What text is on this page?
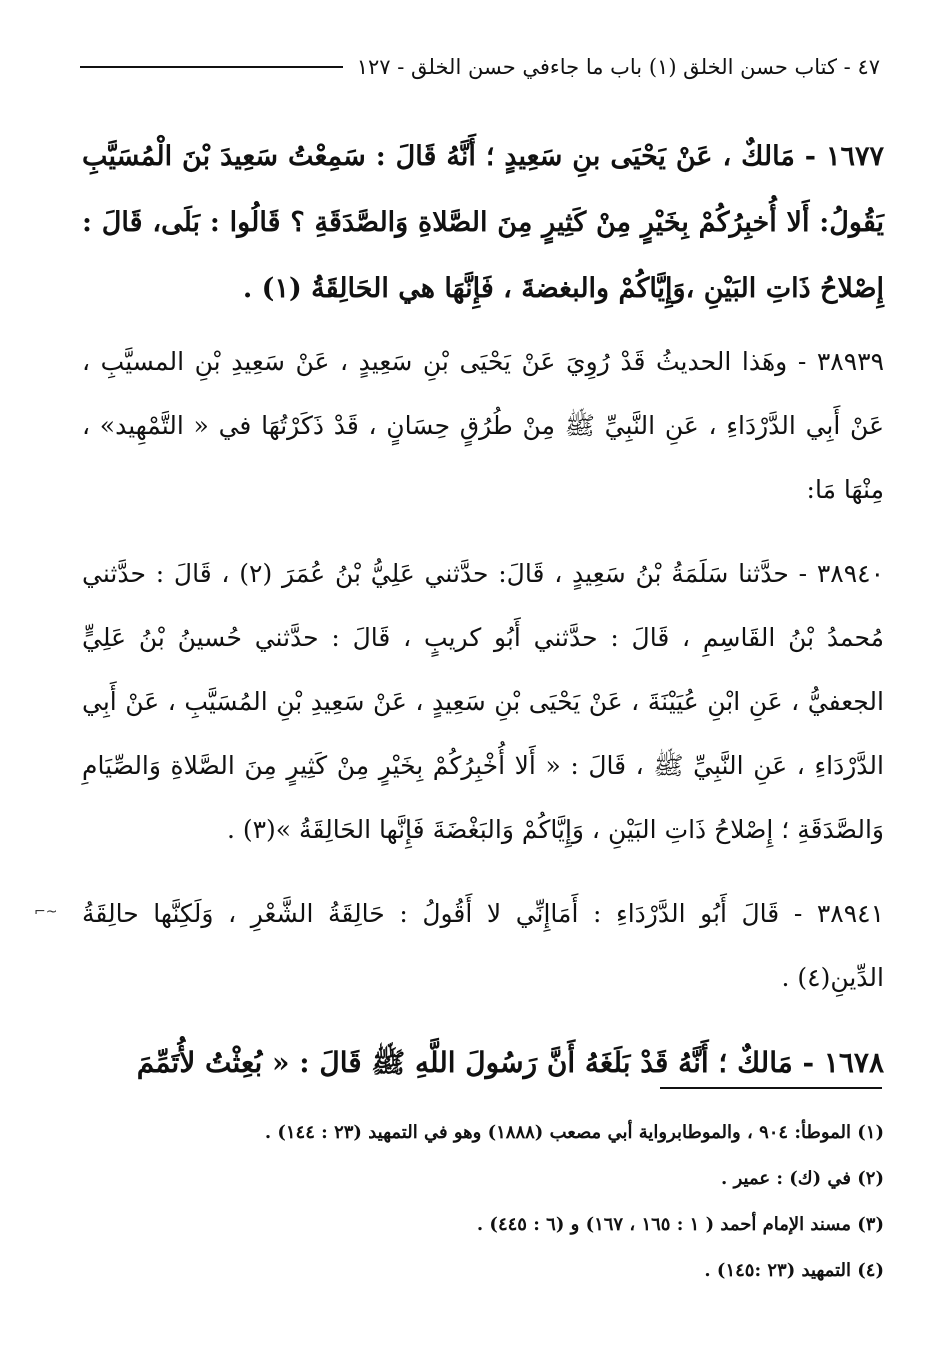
٤٧ - كتاب حسن الخلق (١) باب ما جاءفي حسن الخلق - ١٢٧

١٦٧٧ - مَالكٌ ، عَنْ يَحْيَى بنِ سَعِيدٍ ؛ أَنَّهُ قَالَ : سَمِعْتُ سَعِيدَ بْنَ الْمُسَيَّبِ يَقُولُ: أَلا أُخبِرُكُمْ بِخَيْرٍ مِنْ كَثِيرٍ مِنَ الصَّلاةِ وَالصَّدَقَةِ ؟ قَالُوا : بَلَى، قَالَ : إِصْلاحُ ذَاتِ البَيْنِ ،وَإِيَّاكُمْ والبغضةَ ، فَإِنَّهَا هي الحَالِقَةُ (١) .

٣٨٩٣٩ - وهَذا الحديثُ قَدْ رُوِيَ عَنْ يَحْيَى بْنِ سَعِيدٍ ، عَنْ سَعِيدِ بْنِ المسيَّبِ ، عَنْ أَبِي الدَّرْدَاءِ ، عَنِ النَّبِيِّ ﷺ مِنْ طُرُقٍ حِسَانٍ ، قَدْ ذَكَرْتُهَا في « التَّمْهِيد» ، مِنْهَا مَا:

٣٨٩٤٠ - حدَّثنا سَلَمَةُ بْنُ سَعِيدٍ ، قَالَ: حدَّثني عَلِيُّ بْنُ عُمَرَ (٢) ، قَالَ : حدَّثني مُحمدُ بْنُ القَاسِمِ ، قَالَ : حدَّثني أَبُو كريبٍ ، قَالَ : حدَّثني حُسينُ بْنُ عَلِيٍّ الجعفيُّ ، عَنِ ابْنِ عُيَيْنَةَ ، عَنْ يَحْيَى بْنِ سَعِيدٍ ، عَنْ سَعِيدِ بْنِ المُسَيَّبِ ، عَنْ أَبِي الدَّرْدَاءِ ، عَنِ النَّبِيِّ ﷺ ، قَالَ : « أَلا أُخْبِرُكُمْ بِخَيْرٍ مِنْ كَثِيرٍ مِنَ الصَّلاةِ وَالصِّيَامِ وَالصَّدَقَةِ ؛ إِصْلاحُ ذَاتِ البَيْنِ ، وَإِيَّاكُمْ وَالبَغْضَةَ فَإِنَّها الحَالِقَةُ »(٣) .

٣٨٩٤١ - قَالَ أَبُو الدَّرْدَاءِ : أَمَاإِنِّي لا أَقُولُ : حَالِقَةُ الشَّعْرِ ، وَلَكِنَّها حالِقَةُ الدِّينِ(٤) .

١٦٧٨ - مَالكٌ ؛ أَنَّهُ قَدْ بَلَغَهُ أَنَّ رَسُولَ اللَّهِ ﷺ قَالَ : « بُعِثْتُ لأُتَمِّمَ

(١) الموطأ: ٩٠٤ ، والموطابرواية أبي مصعب (١٨٨٨) وهو في التمهيد (٢٣ : ١٤٤) .

(٢) في (ك) : عمير .

(٣) مسند الإمام أحمد ( ١ : ١٦٥ ، ١٦٧) و (٦ : ٤٤٥) .

(٤) التمهيد (٢٣ :١٤٥) .

⌐~
